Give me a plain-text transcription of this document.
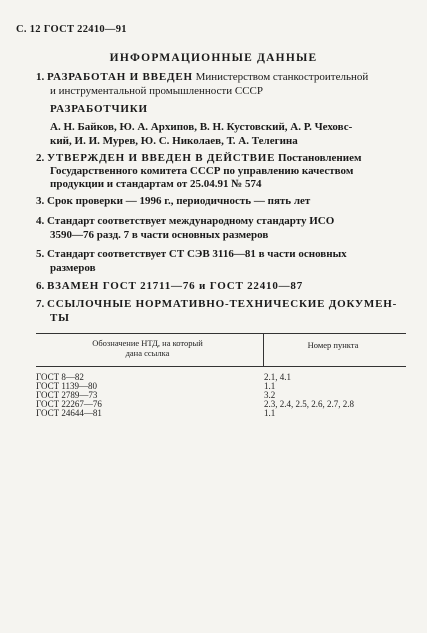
С. 12 ГОСТ 22410—91
ИНФОРМАЦИОННЫЕ ДАННЫЕ
1. РАЗРАБОТАН И ВВЕДЕН Министерством станкостроительной
и инструментальной промышленности СССР
РАЗРАБОТЧИКИ
А. Н. Байков, Ю. А. Архипов, В. Н. Кустовский, А. Р. Чеховс-
кий, И. И. Мурев, Ю. С. Николаев, Т. А. Телегина
2. УТВЕРЖДЕН И ВВЕДЕН В ДЕЙСТВИЕ Постановлением
Государственного комитета СССР по управлению качеством
продукции и стандартам от 25.04.91 № 574
3. Срок проверки — 1996 г., периодичность — пять лет
4. Стандарт соответствует международному стандарту ИСО
3590—76 разд. 7 в части основных размеров
5. Стандарт соответствует СТ СЭВ 3116—81 в части основных
размеров
6. ВЗАМЕН ГОСТ 21711—76 и ГОСТ 22410—87
7. ССЫЛОЧНЫЕ НОРМАТИВНО-ТЕХНИЧЕСКИЕ ДОКУМЕН-
ТЫ
Обозначение НТД, на который
дана ссылка
Номер пункта
ГОСТ 8—82	2.1, 4.1
ГОСТ 1139—80	1.1
ГОСТ 2789—73	3.2
ГОСТ 22267—76	2.3, 2.4, 2.5, 2.6, 2.7, 2.8
ГОСТ 24644—81	1.1
